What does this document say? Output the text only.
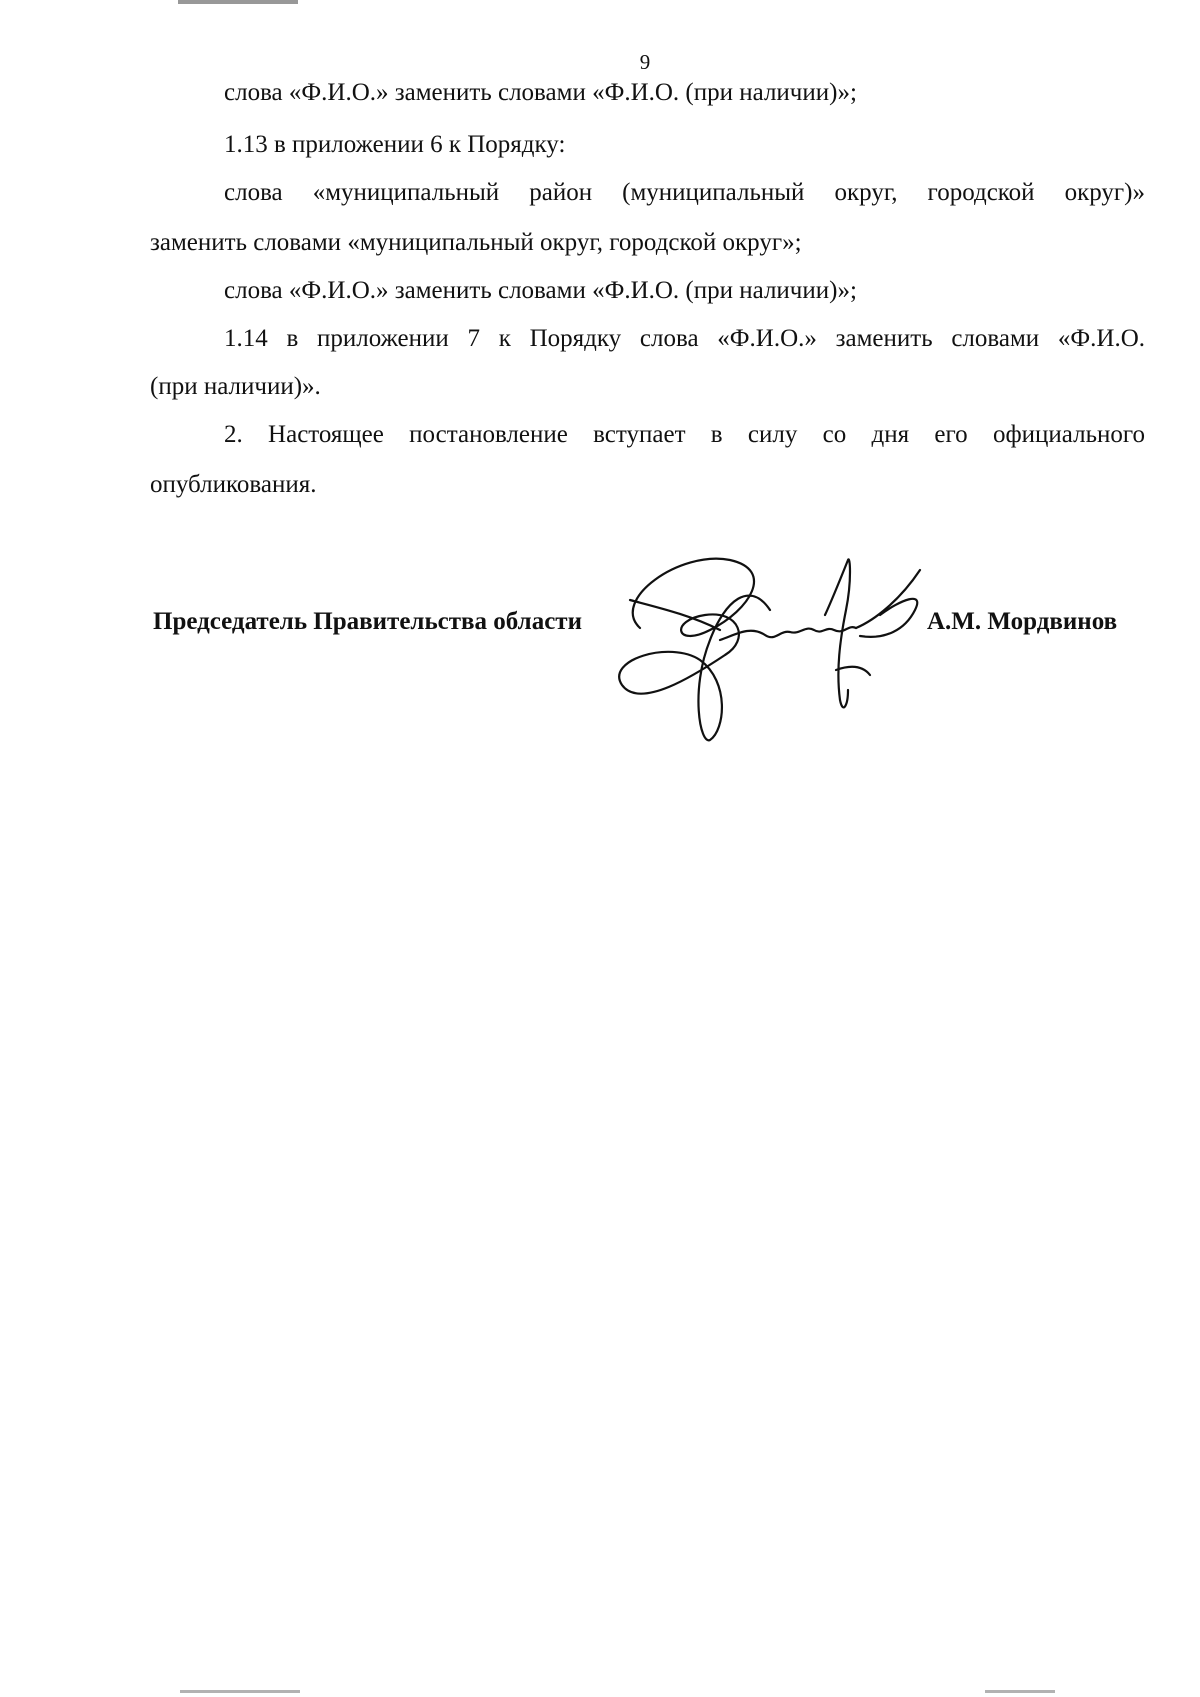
9
слова «Ф.И.О.» заменить словами «Ф.И.О. (при наличии)»;
1.13 в приложении 6 к Порядку:
слова «муниципальный район (муниципальный округ, городской округ)»
заменить словами «муниципальный округ, городской округ»;
слова «Ф.И.О.» заменить словами «Ф.И.О. (при наличии)»;
1.14 в приложении 7 к Порядку слова «Ф.И.О.» заменить словами «Ф.И.О.
(при наличии)».
2. Настоящее постановление вступает в силу со дня его официального
опубликования.
Председатель Правительства области	А.М. Мордвинов
